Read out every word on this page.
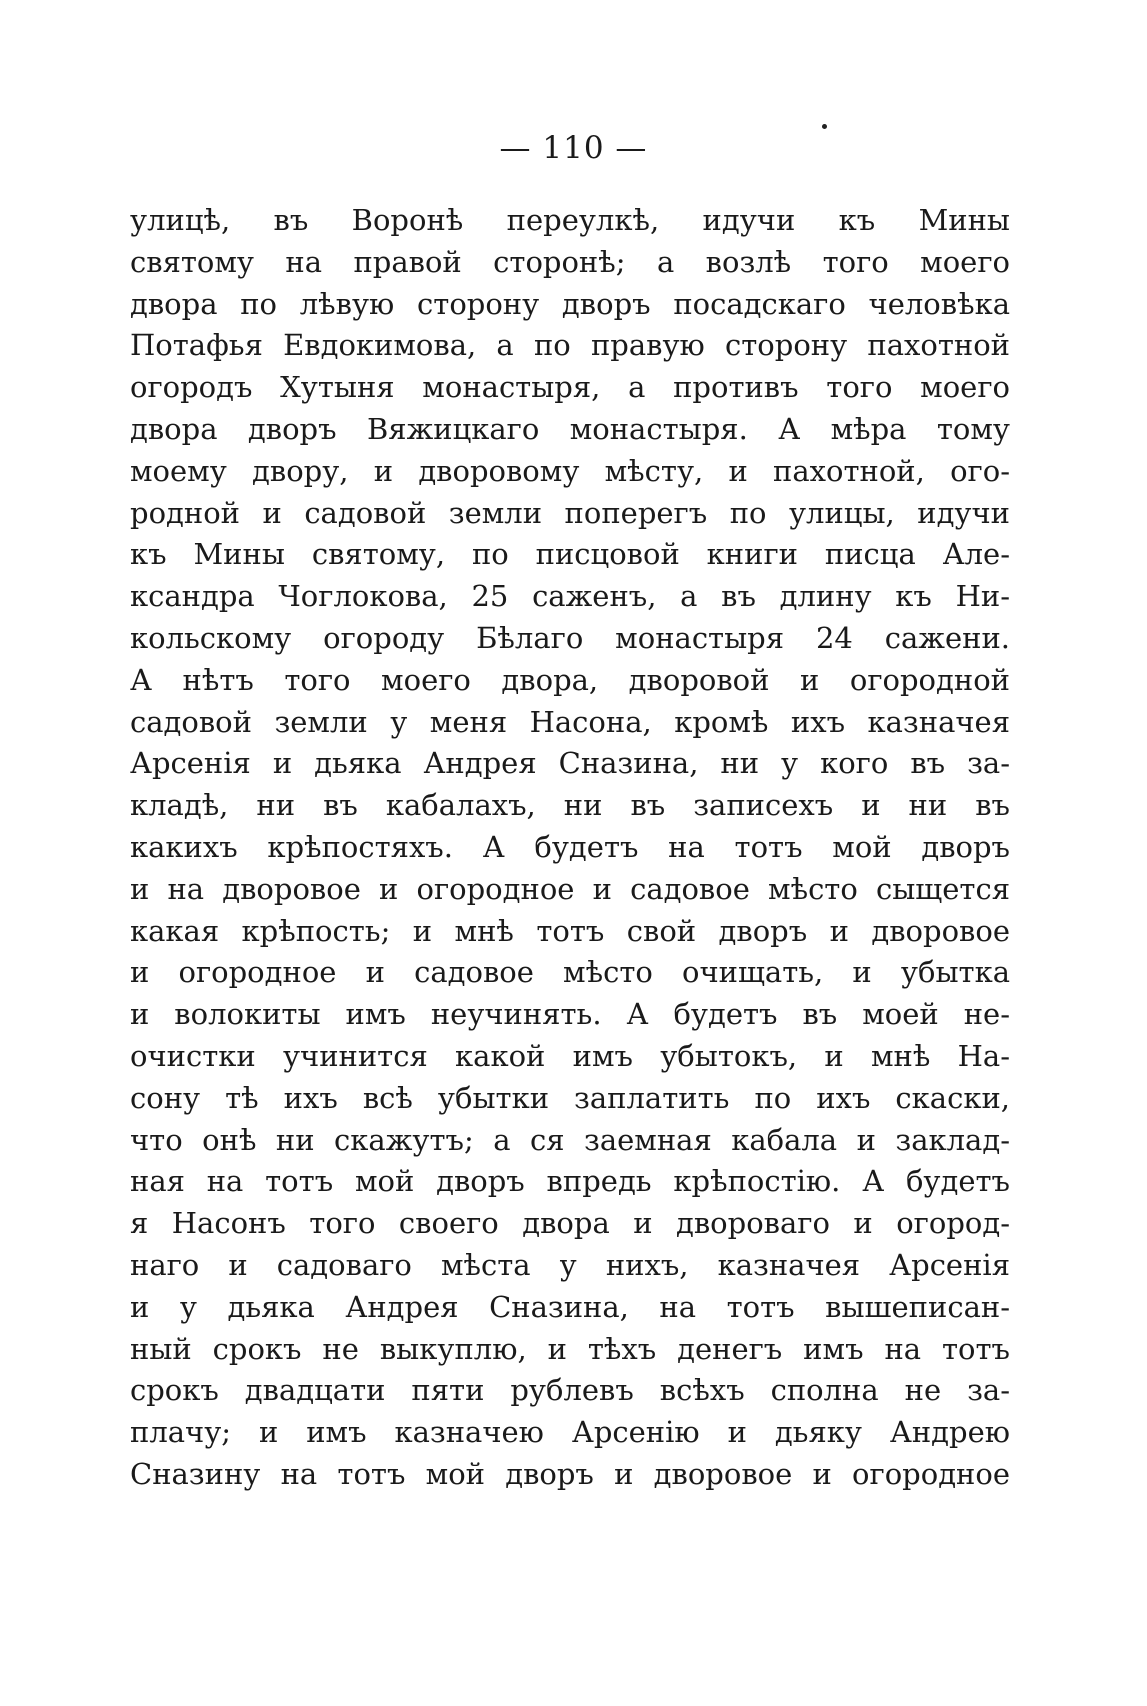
— 110 —
улицѣ, въ Воронѣ переулкѣ, идучи къ Мины
святому на правой сторонѣ; а возлѣ того моего
двора по лѣвую сторону дворъ посадскаго человѣка
Потафья Евдокимова, а по правую сторону пахотной
огородъ Хутыня монастыря, а противъ того моего
двора дворъ Вяжицкаго монастыря. А мѣра тому
моему двору, и дворовому мѣсту, и пахотной, ого-
родной и садовой земли поперегъ по улицы, идучи
къ Мины святому, по писцовой книги писца Але-
ксандра Чоглокова, 25 саженъ, а въ длину къ Ни-
кольскому огороду Бѣлаго монастыря 24 сажени.
А нѣтъ того моего двора, дворовой и огородной
садовой земли у меня Насона, кромѣ ихъ казначея
Арсенія и дьяка Андрея Сназина, ни у кого въ за-
кладѣ, ни въ кабалахъ, ни въ записехъ и ни въ
какихъ крѣпостяхъ. А будетъ на тотъ мой дворъ
и на дворовое и огородное и садовое мѣсто сыщется
какая крѣпость; и мнѣ тотъ свой дворъ и дворовое
и огородное и садовое мѣсто очищать, и убытка
и волокиты имъ неучинять. А будетъ въ моей не-
очистки учинится какой имъ убытокъ, и мнѣ На-
сону тѣ ихъ всѣ убытки заплатить по ихъ скаски,
что онѣ ни скажутъ; а ся заемная кабала и заклад-
ная на тотъ мой дворъ впредь крѣпостію. А будетъ
я Насонъ того своего двора и двороваго и огород-
наго и садоваго мѣста у нихъ, казначея Арсенія
и у дьяка Андрея Сназина, на тотъ вышеписан-
ный срокъ не выкуплю, и тѣхъ денегъ имъ на тотъ
срокъ двадцати пяти рублевъ всѣхъ сполна не за-
плачу; и имъ казначею Арсенію и дьяку Андрею
Сназину на тотъ мой дворъ и дворовое и огородное
